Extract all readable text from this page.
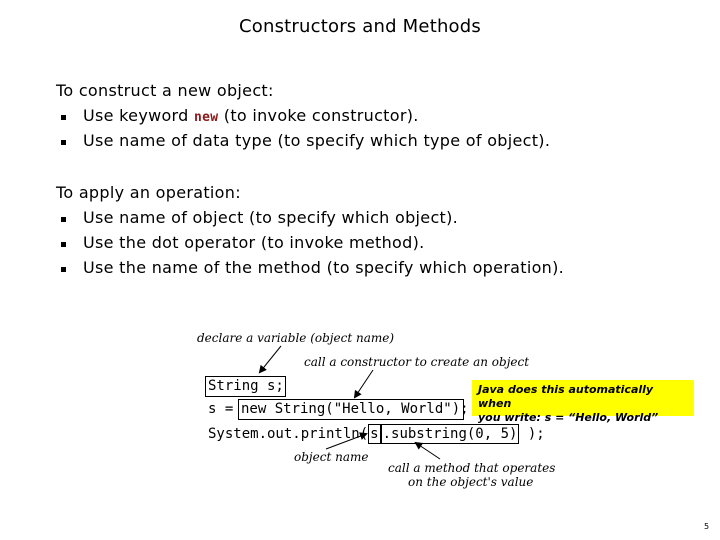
Constructors and Methods
To construct a new object:
Use keyword new (to invoke constructor).
Use name of data type (to specify which type of object).
To apply an operation:
Use name of object (to specify which object).
Use the dot operator (to invoke method).
Use the name of the method (to specify which operation).
declare a variable (object name)
call a constructor to create an object
String s;
s = new String("Hello, World");
System.out.println( s .substring(0, 5) );
object name
call a method that operates
on the object's value
Java does this automatically when
you write: s = “Hello, World”
5
